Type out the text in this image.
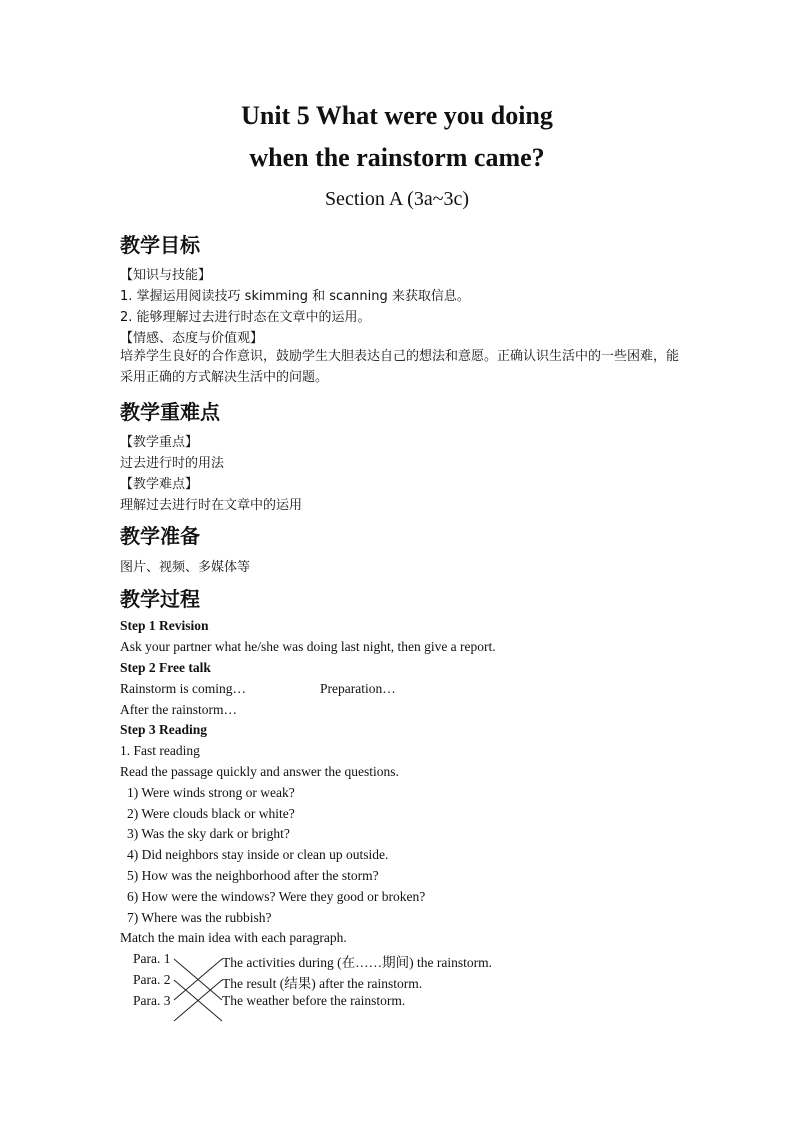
Unit 5 What were you doing
when the rainstorm came?
Section A (3a~3c)
教学目标
【知识与技能】
1. 掌握运用阅读技巧 skimming 和 scanning 来获取信息。
2. 能够理解过去进行时态在文章中的运用。
【情感、态度与价值观】
培养学生良好的合作意识，鼓励学生大胆表达自己的想法和意愿。正确认识生活中的一些困难，能采用正确的方式解决生活中的问题。
教学重难点
【教学重点】
过去进行时的用法
【教学难点】
理解过去进行时在文章中的运用
教学准备
图片、视频、多媒体等
教学过程
Step 1 Revision
Ask your partner what he/she was doing last night, then give a report.
Step 2 Free talk
Rainstorm is coming…	Preparation…
After the rainstorm…
Step 3 Reading
1. Fast reading
Read the passage quickly and answer the questions.
1) Were winds strong or weak?
2) Were clouds black or white?
3) Was the sky dark or bright?
4) Did neighbors stay inside or clean up outside.
5) How was the neighborhood after the storm?
6) How were the windows? Were they good or broken?
7) Where was the rubbish?
Match the main idea with each paragraph.
Para. 1
Para. 2
Para. 3
The activities during (在……期间) the rainstorm.
The result (结果) after the rainstorm.
The weather before the rainstorm.
